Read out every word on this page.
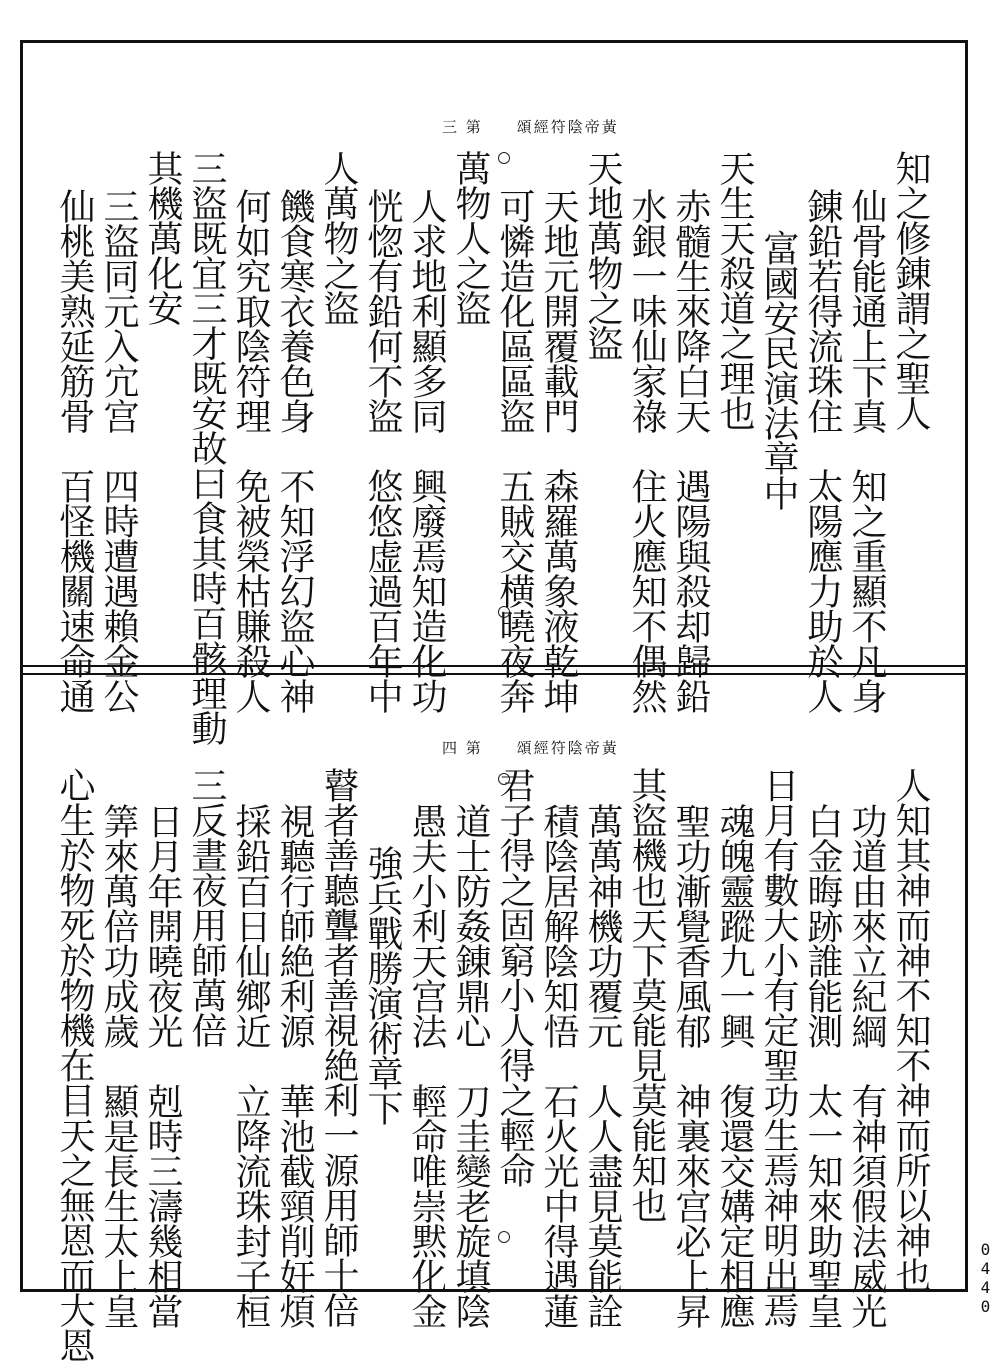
三 第　　頌經符陰帝黃
知之修錬謂之聖人
仙骨能通上下真　知之重顯不凡身
錬鉛若得流珠住　太陽應力助於人
富國安民演法章中
天生天殺道之理也
赤髓生來降白天　遇陽與殺却歸鉛
水銀一味仙家祿　住火應知不偶然
天地萬物之盜
天地元開覆載門　森羅萬象液乾坤
可憐造化區區盜　五賊交横曉夜奔
萬物人之盜
人求地利顯多同　興廢焉知造化功
恍惚有鉛何不盜　悠悠虚過百年中
人萬物之盜
饑食寒衣養色身　不知浮幻盜心神
何如究取陰符理　免被榮枯賺殺人
三盜既宜三才既安故曰食其時百骸理動
其機萬化安
三盜同元入宂宫　四時遭遇賴金公
仙桃美熟延筋骨　百怪機關速命通
四 第　　頌經符陰帝黃
人知其神而神不知不神而所以神也
功道由來立紀綱　有神須假法威光
白金晦跡誰能測　太一知來助聖皇
日月有數大小有定聖功生焉神明出焉
魂魄靈蹤九一興　復還交媾定相應
聖功漸覺香風郁　神裏來宫必上昇
其盜機也天下莫能見莫能知也
萬萬神機功覆元　人人盡見莫能詮
積陰居解陰知悟　石火光中得遇蓮
君子得之固窮小人得之輕命
道士防姦錬鼎心　刀圭變老旋填陰
愚夫小利天宫法　輕命唯崇黙化金
強兵戰勝演術章下
瞽者善聽聾者善視絶利一源用師十倍
視聽行師絶利源　華池截頸削奸煩
採鉛百日仙鄉近　立降流珠封子桓
三反晝夜用師萬倍
日月年開曉夜光　剋時三濤幾相當
筭來萬倍功成歲　顯是長生太上皇
心生於物死於物機在目天之無恩而大恩	0440
